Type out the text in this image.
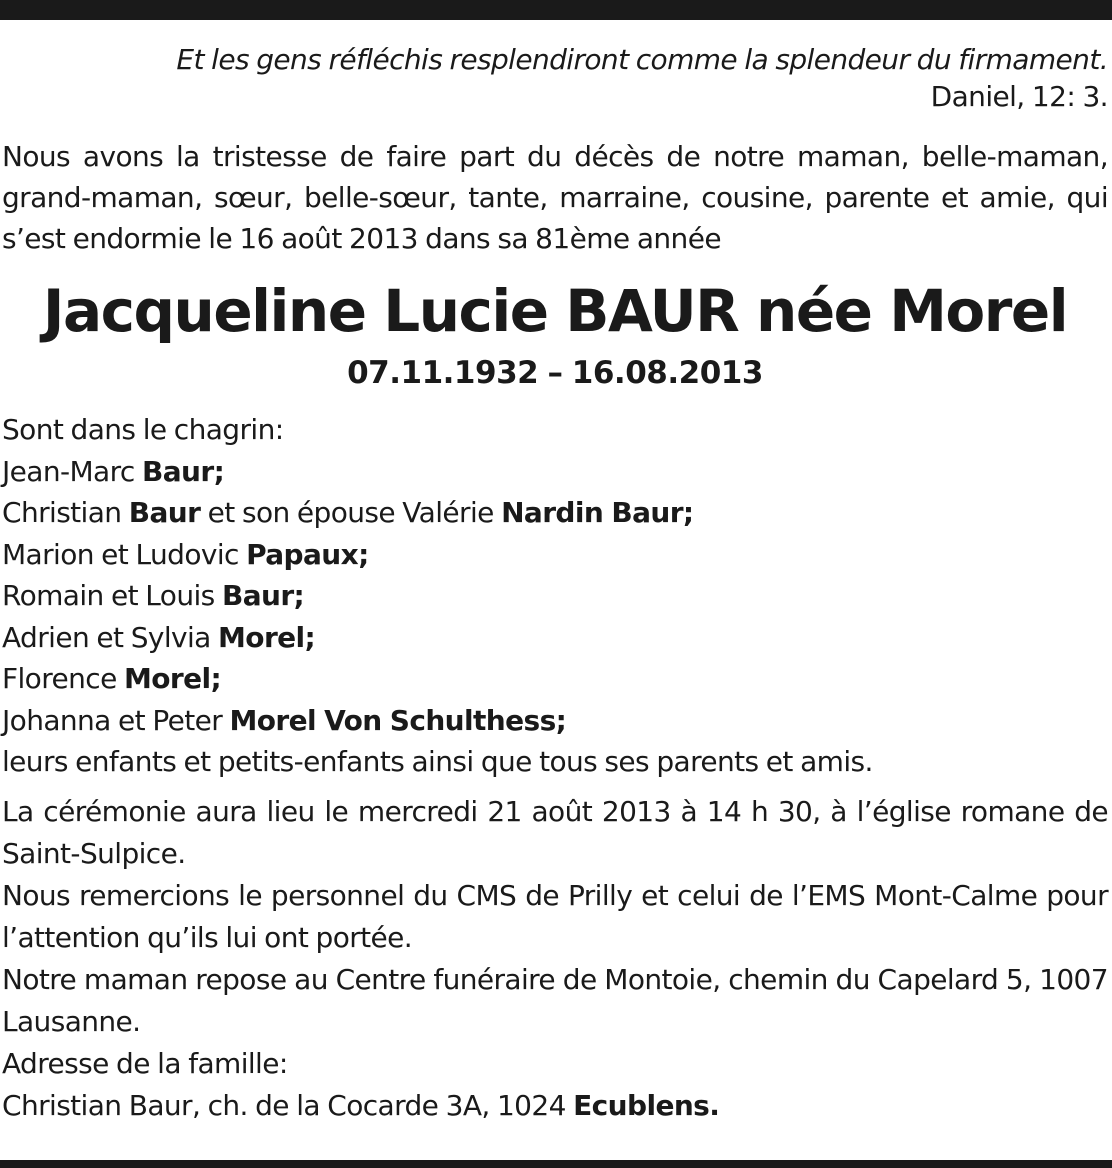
Et les gens réfléchis resplendiront comme la splendeur du firmament.
Daniel, 12: 3.
Nous avons la tristesse de faire part du décès de notre maman, belle-maman, grand-maman, sœur, belle-sœur, tante, marraine, cousine, parente et amie, qui s’est endormie le 16 août 2013 dans sa 81ème année
Jacqueline Lucie BAUR née Morel
07.11.1932 – 16.08.2013
Sont dans le chagrin:
Jean-Marc Baur;
Christian Baur et son épouse Valérie Nardin Baur;
Marion et Ludovic Papaux;
Romain et Louis Baur;
Adrien et Sylvia Morel;
Florence Morel;
Johanna et Peter Morel Von Schulthess;
leurs enfants et petits-enfants ainsi que tous ses parents et amis.
La cérémonie aura lieu le mercredi 21 août 2013 à 14 h 30, à l’église romane de Saint-Sulpice.
Nous remercions le personnel du CMS de Prilly et celui de l’EMS Mont-Calme pour l’attention qu’ils lui ont portée.
Notre maman repose au Centre funéraire de Montoie, chemin du Capelard 5, 1007 Lausanne.
Adresse de la famille:
Christian Baur, ch. de la Cocarde 3A, 1024 Ecublens.
